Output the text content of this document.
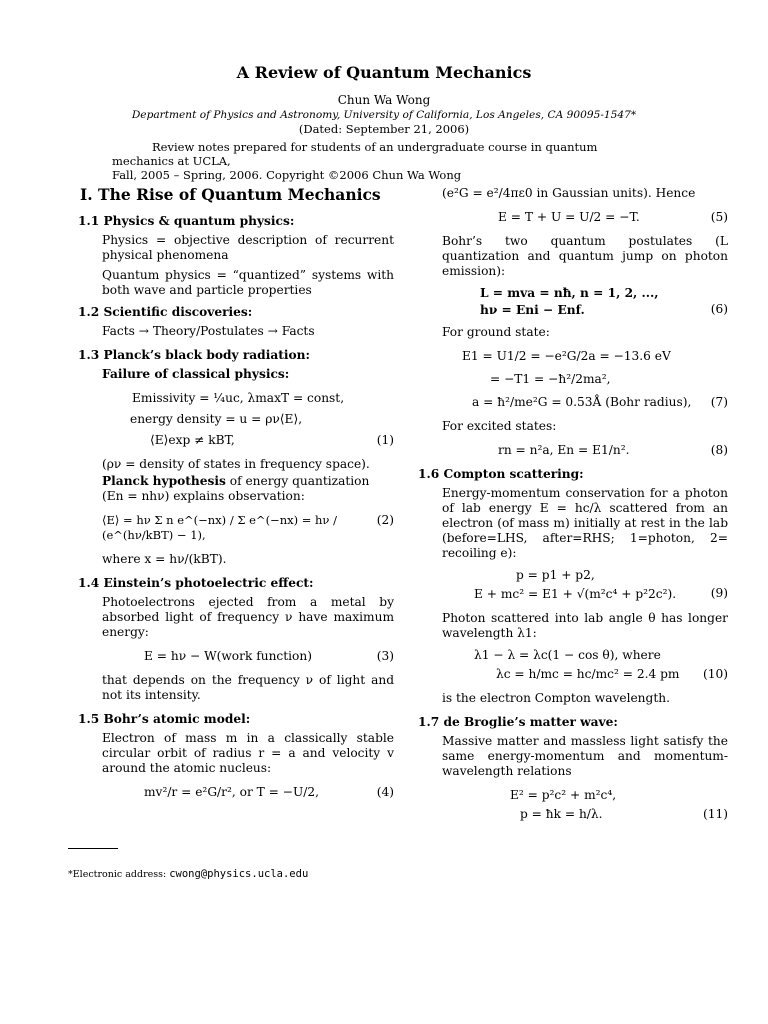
A Review of Quantum Mechanics
Chun Wa Wong
Department of Physics and Astronomy, University of California, Los Angeles, CA 90095-1547*
(Dated: September 21, 2006)

Review notes prepared for students of an undergraduate course in quantum mechanics at UCLA,

Fall, 2005 – Spring, 2006. Copyright ©2006 Chun Wa Wong

I. The Rise of Quantum Mechanics
1.1 Physics & quantum physics:
Physics = objective description of recurrent physical phenomena
Quantum physics = “quantized” systems with both wave and particle properties
1.2 Scientific discoveries:
Facts → Theory/Postulates → Facts
1.3 Planck’s black body radiation:
Failure of classical physics:
Emissivity = ¼uc, λmaxT = const,
energy density = u = ρν⟨E⟩,
⟨E⟩exp ≠ kBT,	(1)
(ρν = density of states in frequency space).
Planck hypothesis of energy quantization (En = nhν) explains observation:
⟨E⟩ = hν Σ n e^(−nx) / Σ e^(−nx) = hν / (e^(hν/kBT) − 1),
(2)
where x = hν/(kBT).
1.4 Einstein’s photoelectric effect:
Photoelectrons ejected from a metal by absorbed light of frequency ν have maximum energy:
E = hν − W(work function)	(3)
that depends on the frequency ν of light and not its intensity.
1.5 Bohr’s atomic model:
Electron of mass m in a classically stable circular orbit of radius r = a and velocity v around the atomic nucleus:
mv²/r = e²G/r², or T = −U/2,	(4)
(e²G = e²/4πε0 in Gaussian units). Hence
E = T + U = U/2 = −T.	(5)
Bohr’s two quantum postulates (L quantization and quantum jump on photon emission):
L = mva = nħ, n = 1, 2, ...,
hν = Eni − Enf.	(6)
For ground state:
E1 = U1/2 = −e²G/2a = −13.6 eV
= −T1 = −ħ²/2ma²,
a = ħ²/me²G = 0.53Å (Bohr radius),	(7)
For excited states:
rn = n²a, En = E1/n².	(8)
1.6 Compton scattering:
Energy-momentum conservation for a photon of lab energy E = hc/λ scattered from an electron (of mass m) initially at rest in the lab (before=LHS, after=RHS; 1=photon, 2= recoiling e):
p = p1 + p2,
E + mc² = E1 + √(m²c⁴ + p²2c²).	(9)
Photon scattered into lab angle θ has longer wavelength λ1:
λ1 − λ = λc(1 − cos θ), where
λc = h/mc = hc/mc² = 2.4 pm	(10)
is the electron Compton wavelength.
1.7 de Broglie’s matter wave:
Massive matter and massless light satisfy the same energy-momentum and momentum-wavelength relations
E² = p²c² + m²c⁴,
p = ħk = h/λ.	(11)
*Electronic address: cwong@physics.ucla.edu
